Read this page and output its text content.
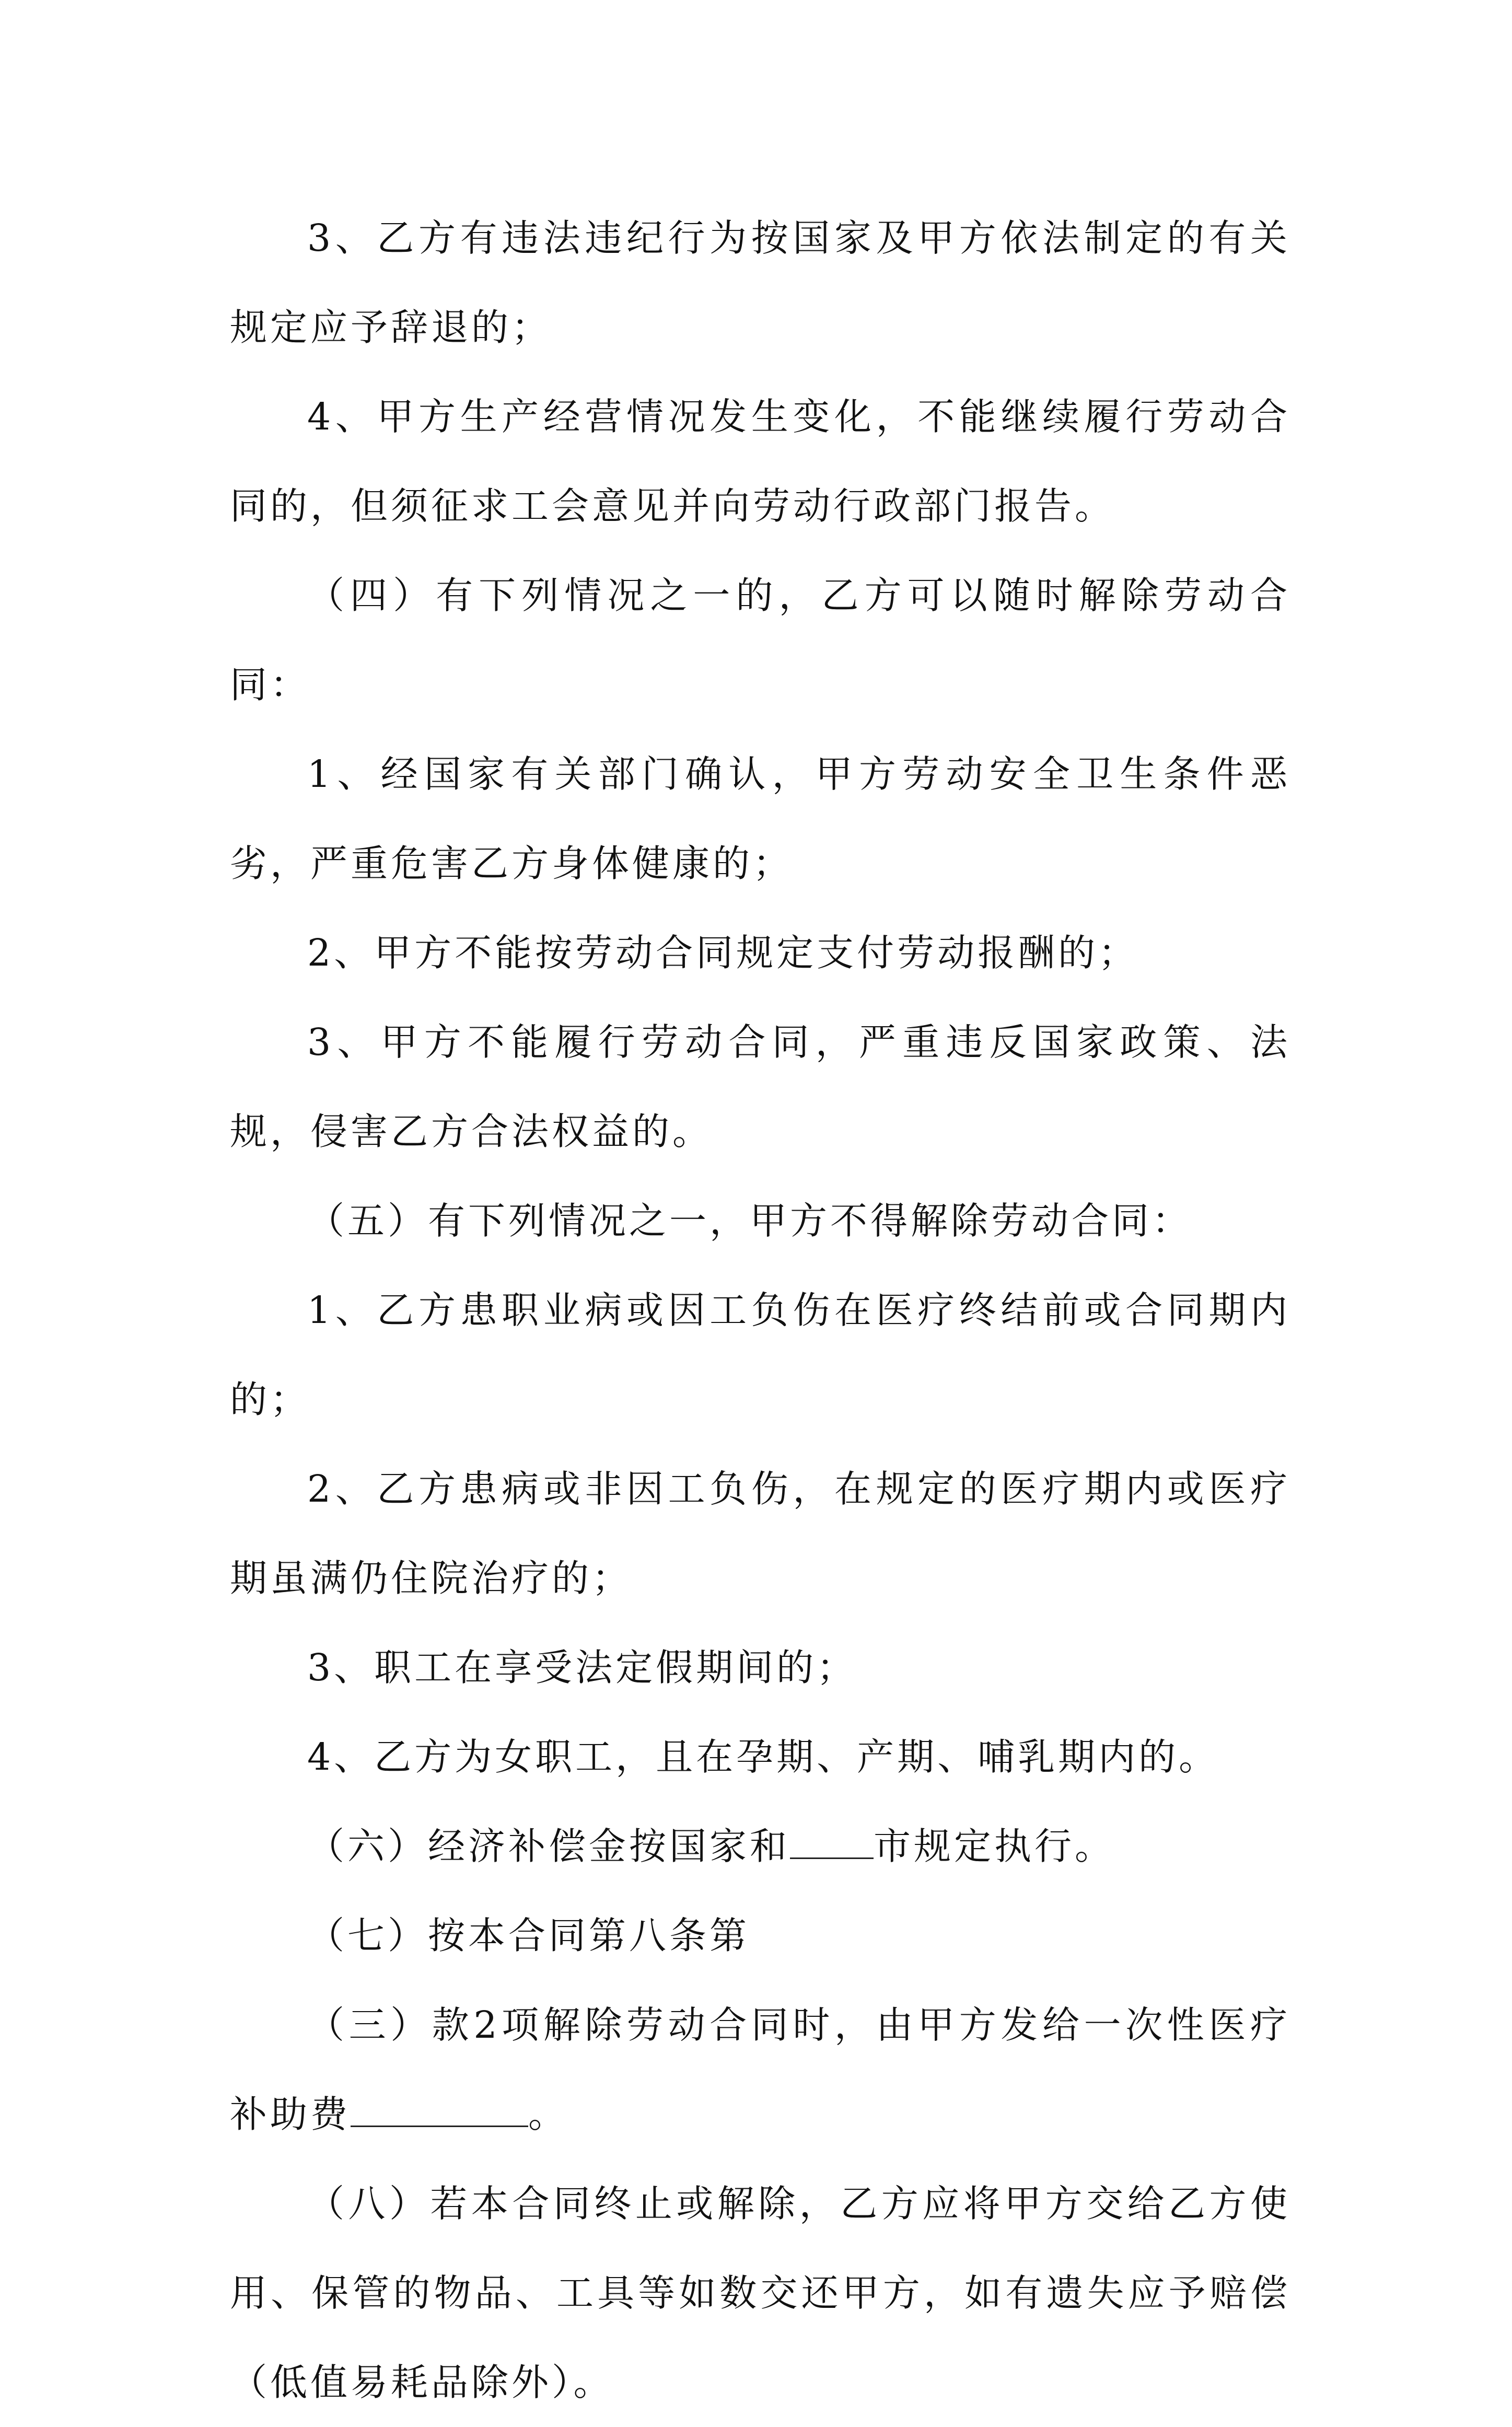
3、乙方有违法违纪行为按国家及甲方依法制定的有关规定应予辞退的；

4、甲方生产经营情况发生变化，不能继续履行劳动合同的，但须征求工会意见并向劳动行政部门报告。

（四）有下列情况之一的，乙方可以随时解除劳动合同：

1、经国家有关部门确认，甲方劳动安全卫生条件恶劣，严重危害乙方身体健康的；

2、甲方不能按劳动合同规定支付劳动报酬的；

3、甲方不能履行劳动合同，严重违反国家政策、法规，侵害乙方合法权益的。

（五）有下列情况之一，甲方不得解除劳动合同：

1、乙方患职业病或因工负伤在医疗终结前或合同期内的；

2、乙方患病或非因工负伤，在规定的医疗期内或医疗期虽满仍住院治疗的；

3、职工在享受法定假期间的；

4、乙方为女职工，且在孕期、产期、哺乳期内的。

（六）经济补偿金按国家和 市规定执行。

（七）按本合同第八条第

（三）款2项解除劳动合同时，由甲方发给一次性医疗补助费	。

（八）若本合同终止或解除，乙方应将甲方交给乙方使用、保管的物品、工具等如数交还甲方，如有遗失应予赔偿（低值易耗品除外）。
